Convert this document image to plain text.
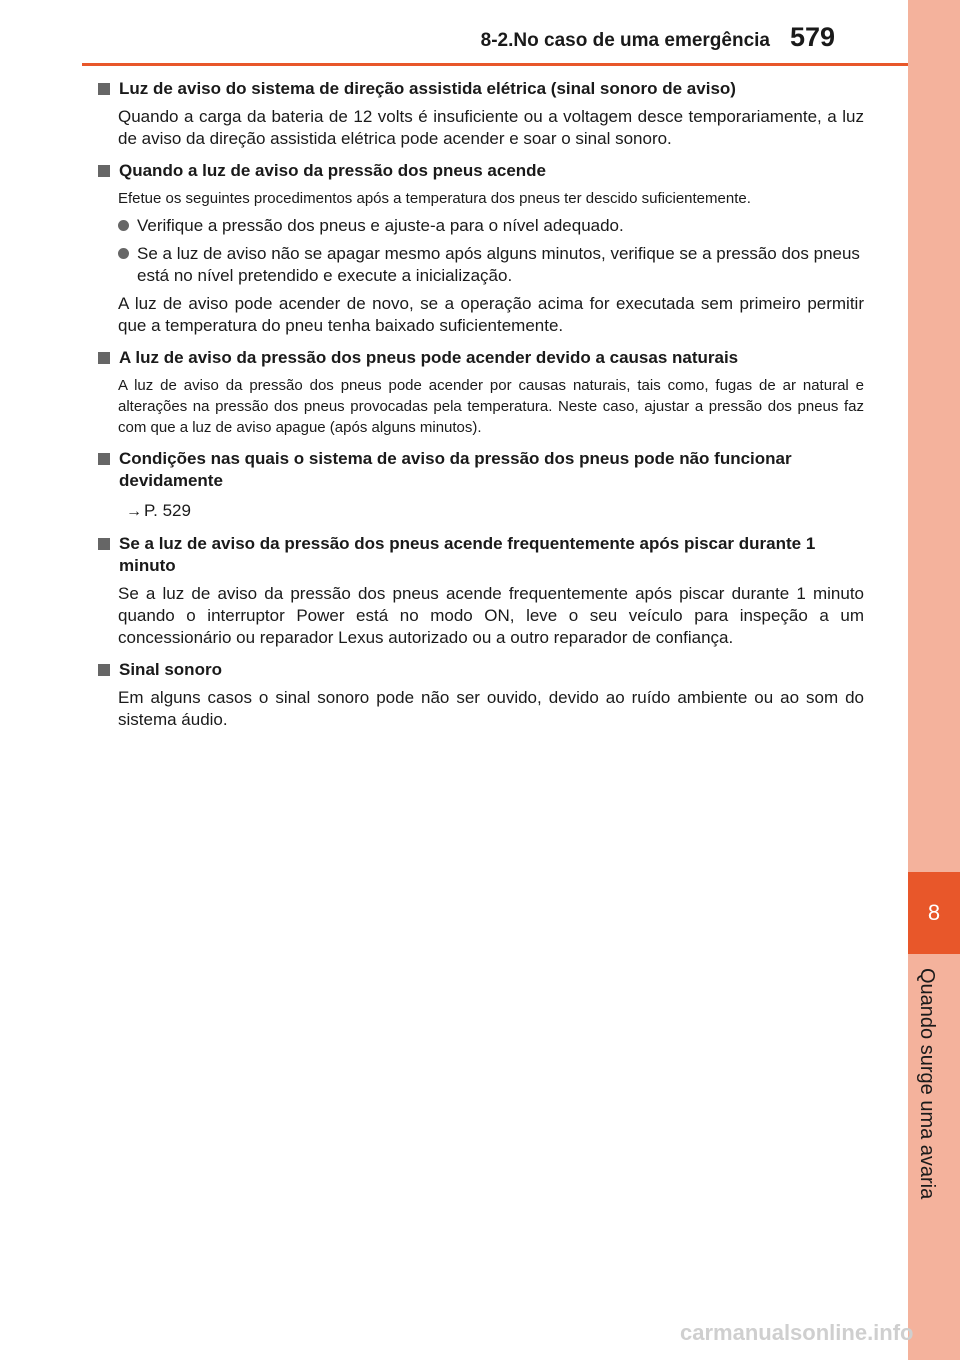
8-2.No caso de uma emergência 579
8
Quando surge uma avaria
Luz de aviso do sistema de direção assistida elétrica (sinal sonoro de aviso)

Quando a carga da bateria de 12 volts é insuficiente ou a voltagem desce temporariamente, a luz de aviso da direção assistida elétrica pode acender e soar o sinal sonoro.

Quando a luz de aviso da pressão dos pneus acende

Efetue os seguintes procedimentos após a temperatura dos pneus ter descido suficientemente.

Verifique a pressão dos pneus e ajuste-a para o nível adequado.
Se a luz de aviso não se apagar mesmo após alguns minutos, verifique se a pressão dos pneus está no nível pretendido e execute a inicialização.

A luz de aviso pode acender de novo, se a operação acima for executada sem primeiro permitir que a temperatura do pneu tenha baixado suficientemente.

A luz de aviso da pressão dos pneus pode acender devido a causas naturais

A luz de aviso da pressão dos pneus pode acender por causas naturais, tais como, fugas de ar natural e alterações na pressão dos pneus provocadas pela temperatura. Neste caso, ajustar a pressão dos pneus faz com que a luz de aviso apague (após alguns minutos).

Condições nas quais o sistema de aviso da pressão dos pneus pode não funcionar devidamente
→ P. 529
Se a luz de aviso da pressão dos pneus acende frequentemente após piscar durante 1 minuto

Se a luz de aviso da pressão dos pneus acende frequentemente após piscar durante 1 minuto quando o interruptor Power está no modo ON, leve o seu veículo para inspeção a um concessionário ou reparador Lexus autorizado ou a outro reparador de confiança.

Sinal sonoro

Em alguns casos o sinal sonoro pode não ser ouvido, devido ao ruído ambiente ou ao som do sistema áudio.

carmanualsonline.info
